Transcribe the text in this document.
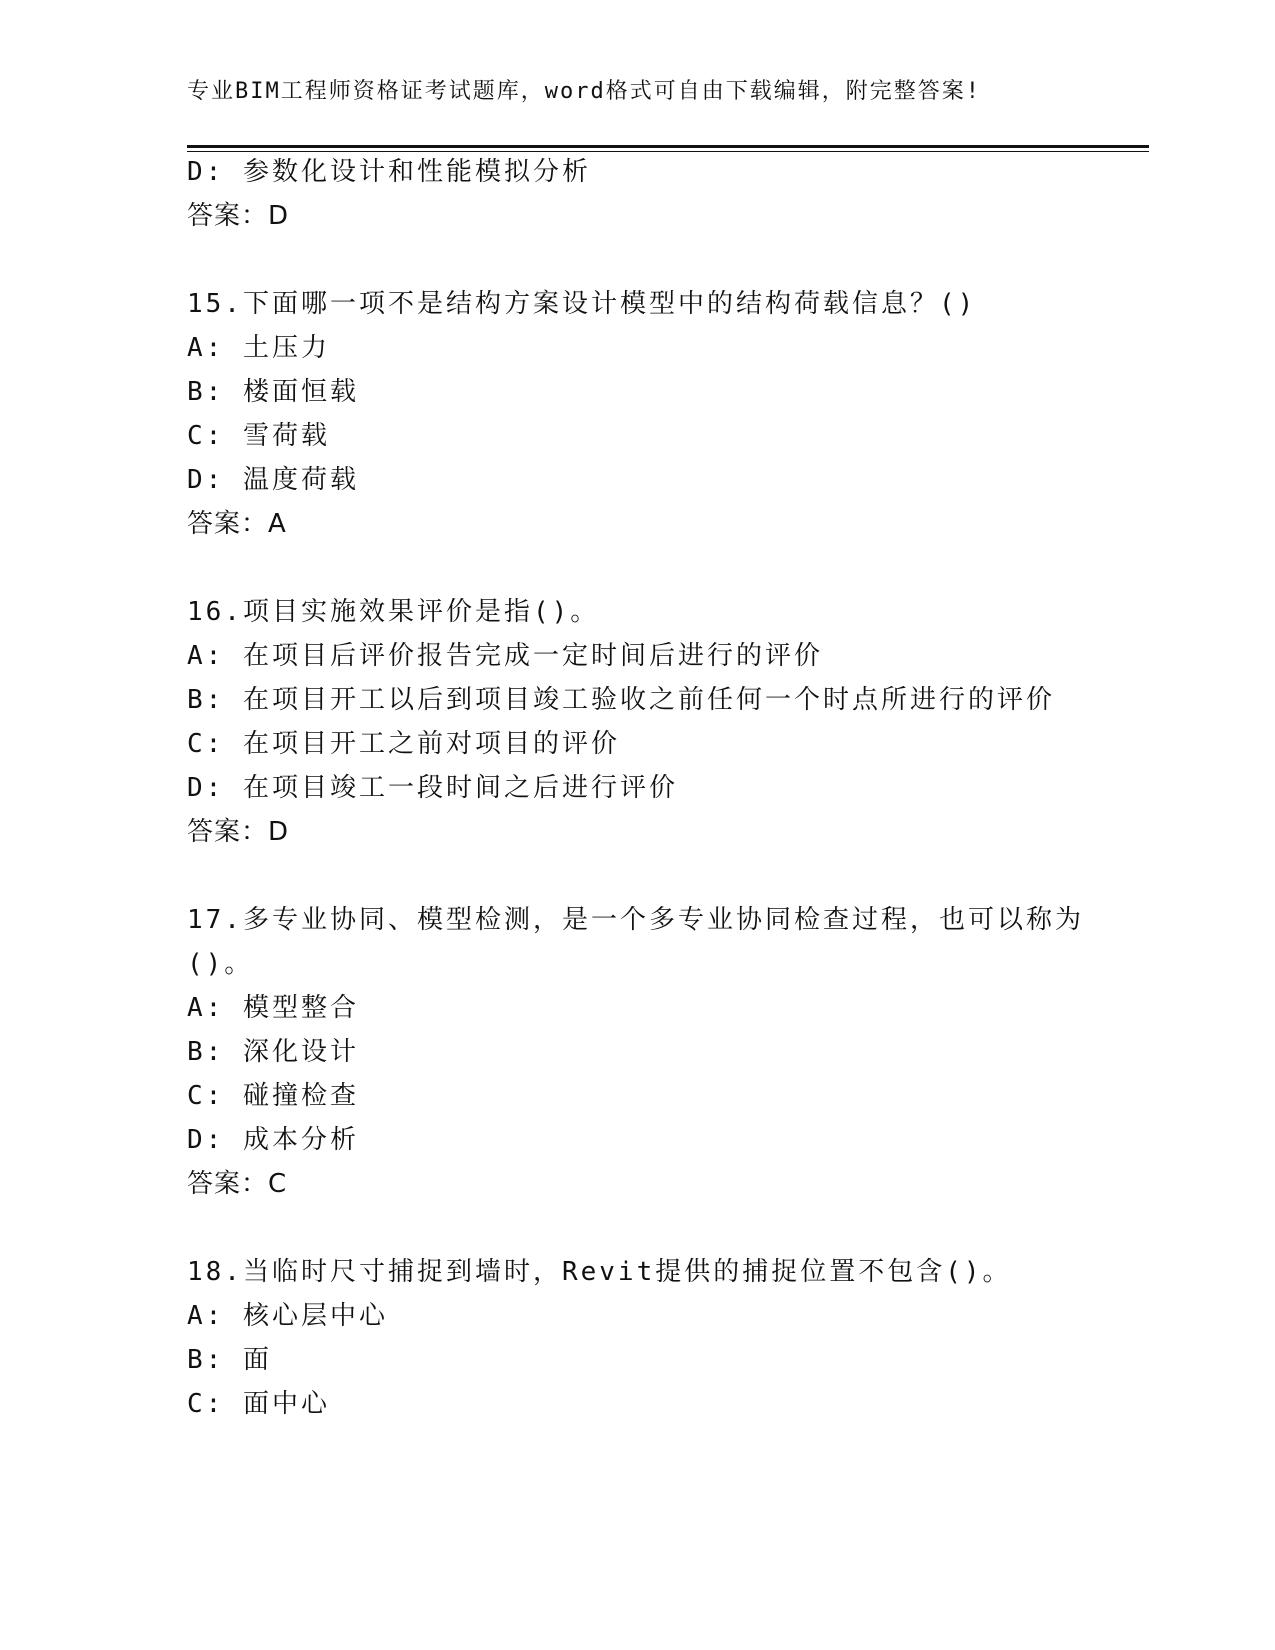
专业BIM工程师资格证考试题库，word格式可自由下载编辑，附完整答案!
D: 参数化设计和性能模拟分析
答案：D
15.下面哪一项不是结构方案设计模型中的结构荷载信息？()
A: 土压力
B: 楼面恒载
C: 雪荷载
D: 温度荷载
答案：A
16.项目实施效果评价是指()。
A: 在项目后评价报告完成一定时间后进行的评价
B: 在项目开工以后到项目竣工验收之前任何一个时点所进行的评价
C: 在项目开工之前对项目的评价
D: 在项目竣工一段时间之后进行评价
答案：D
17.多专业协同、模型检测，是一个多专业协同检查过程，也可以称为
()。
A: 模型整合
B: 深化设计
C: 碰撞检查
D: 成本分析
答案：C
18.当临时尺寸捕捉到墙时，Revit提供的捕捉位置不包含()。
A: 核心层中心
B: 面
C: 面中心
